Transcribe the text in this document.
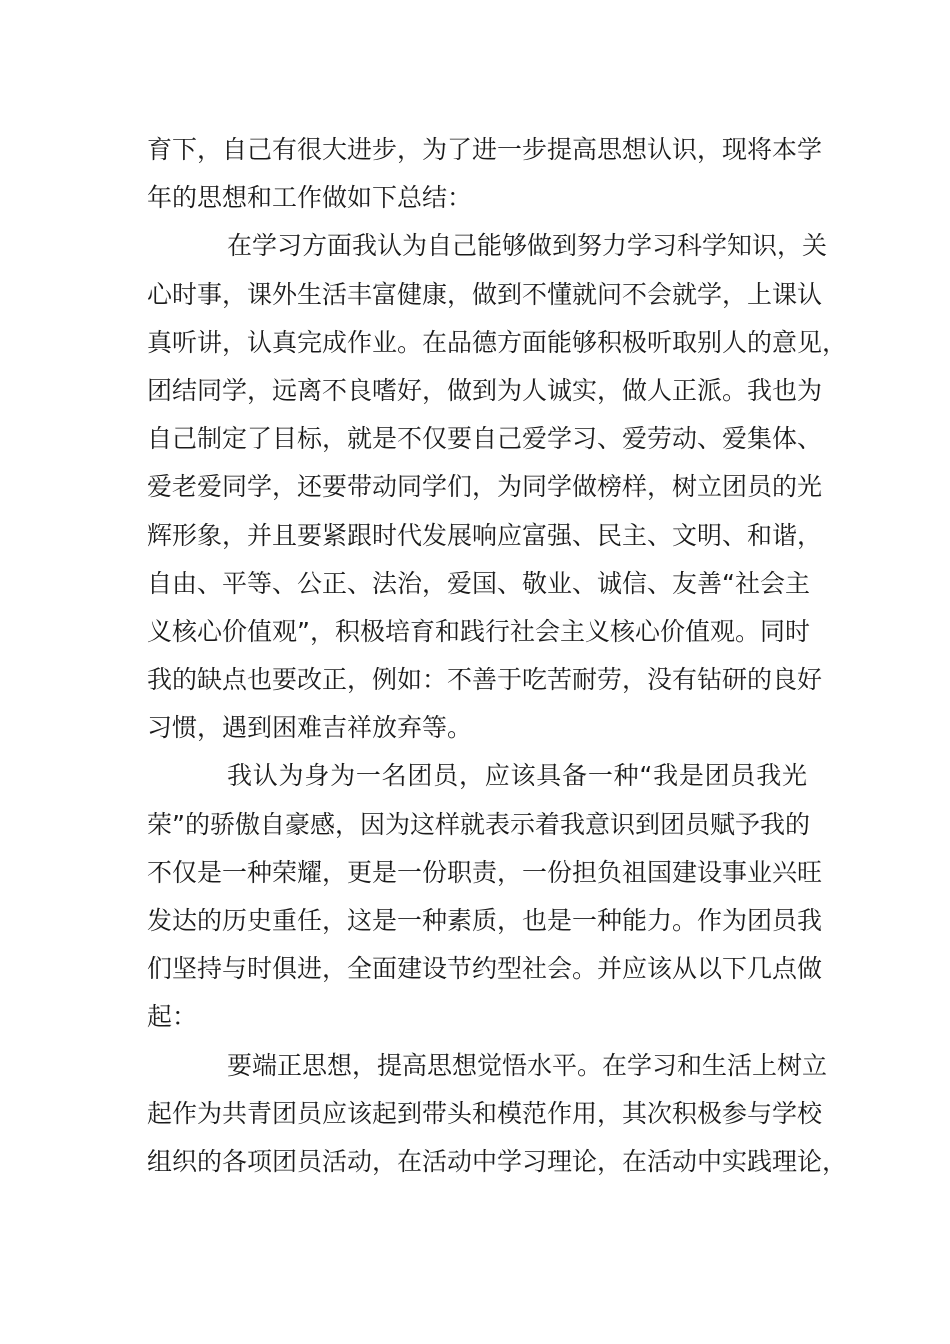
育下，自己有很大进步，为了进一步提高思想认识，现将本学
年的思想和工作做如下总结：
在学习方面我认为自己能够做到努力学习科学知识，关
心时事，课外生活丰富健康，做到不懂就问不会就学，上课认
真听讲，认真完成作业。在品德方面能够积极听取别人的意见，
团结同学，远离不良嗜好，做到为人诚实，做人正派。我也为
自己制定了目标，就是不仅要自己爱学习、爱劳动、爱集体、
爱老爱同学，还要带动同学们，为同学做榜样，树立团员的光
辉形象，并且要紧跟时代发展响应富强、民主、文明、和谐，
自由、平等、公正、法治，爱国、敬业、诚信、友善“社会主
义核心价值观”，积极培育和践行社会主义核心价值观。同时
我的缺点也要改正，例如：不善于吃苦耐劳，没有钻研的良好
习惯，遇到困难吉祥放弃等。
我认为身为一名团员，应该具备一种“我是团员我光
荣”的骄傲自豪感，因为这样就表示着我意识到团员赋予我的
不仅是一种荣耀，更是一份职责，一份担负祖国建设事业兴旺
发达的历史重任，这是一种素质，也是一种能力。作为团员我
们坚持与时俱进，全面建设节约型社会。并应该从以下几点做
起：
要端正思想，提高思想觉悟水平。在学习和生活上树立
起作为共青团员应该起到带头和模范作用，其次积极参与学校
组织的各项团员活动，在活动中学习理论，在活动中实践理论，
